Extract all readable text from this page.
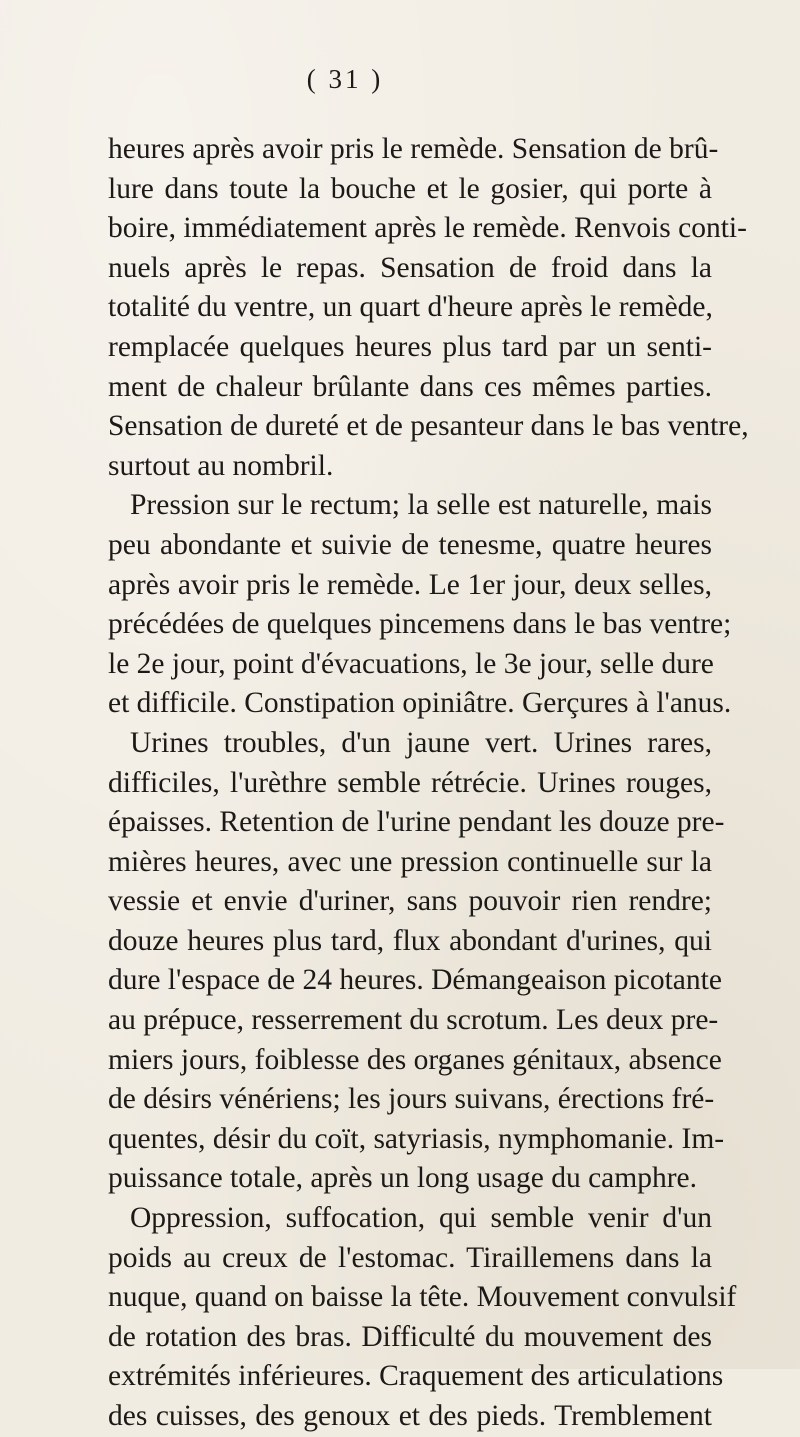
( 31 )
heures après avoir pris le remède. Sensation de brû-
lure dans toute la bouche et le gosier, qui porte à
boire, immédiatement après le remède. Renvois conti-
nuels après le repas. Sensation de froid dans la
totalité du ventre, un quart d'heure après le remède,
remplacée quelques heures plus tard par un senti-
ment de chaleur brûlante dans ces mêmes parties.
Sensation de dureté et de pesanteur dans le bas ventre,
surtout au nombril.
Pression sur le rectum; la selle est naturelle, mais
peu abondante et suivie de tenesme, quatre heures
après avoir pris le remède. Le 1er jour, deux selles,
précédées de quelques pincemens dans le bas ventre;
le 2e jour, point d'évacuations, le 3e jour, selle dure
et difficile. Constipation opiniâtre. Gerçures à l'anus.
Urines troubles, d'un jaune vert. Urines rares,
difficiles, l'urèthre semble rétrécie. Urines rouges,
épaisses. Retention de l'urine pendant les douze pre-
mières heures, avec une pression continuelle sur la
vessie et envie d'uriner, sans pouvoir rien rendre;
douze heures plus tard, flux abondant d'urines, qui
dure l'espace de 24 heures. Démangeaison picotante
au prépuce, resserrement du scrotum. Les deux pre-
miers jours, foiblesse des organes génitaux, absence
de désirs vénériens; les jours suivans, érections fré-
quentes, désir du coït, satyriasis, nymphomanie. Im-
puissance totale, après un long usage du camphre.
Oppression, suffocation, qui semble venir d'un
poids au creux de l'estomac. Tiraillemens dans la
nuque, quand on baisse la tête. Mouvement convulsif
de rotation des bras. Difficulté du mouvement des
extrémités inférieures. Craquement des articulations
des cuisses, des genoux et des pieds. Tremblement
